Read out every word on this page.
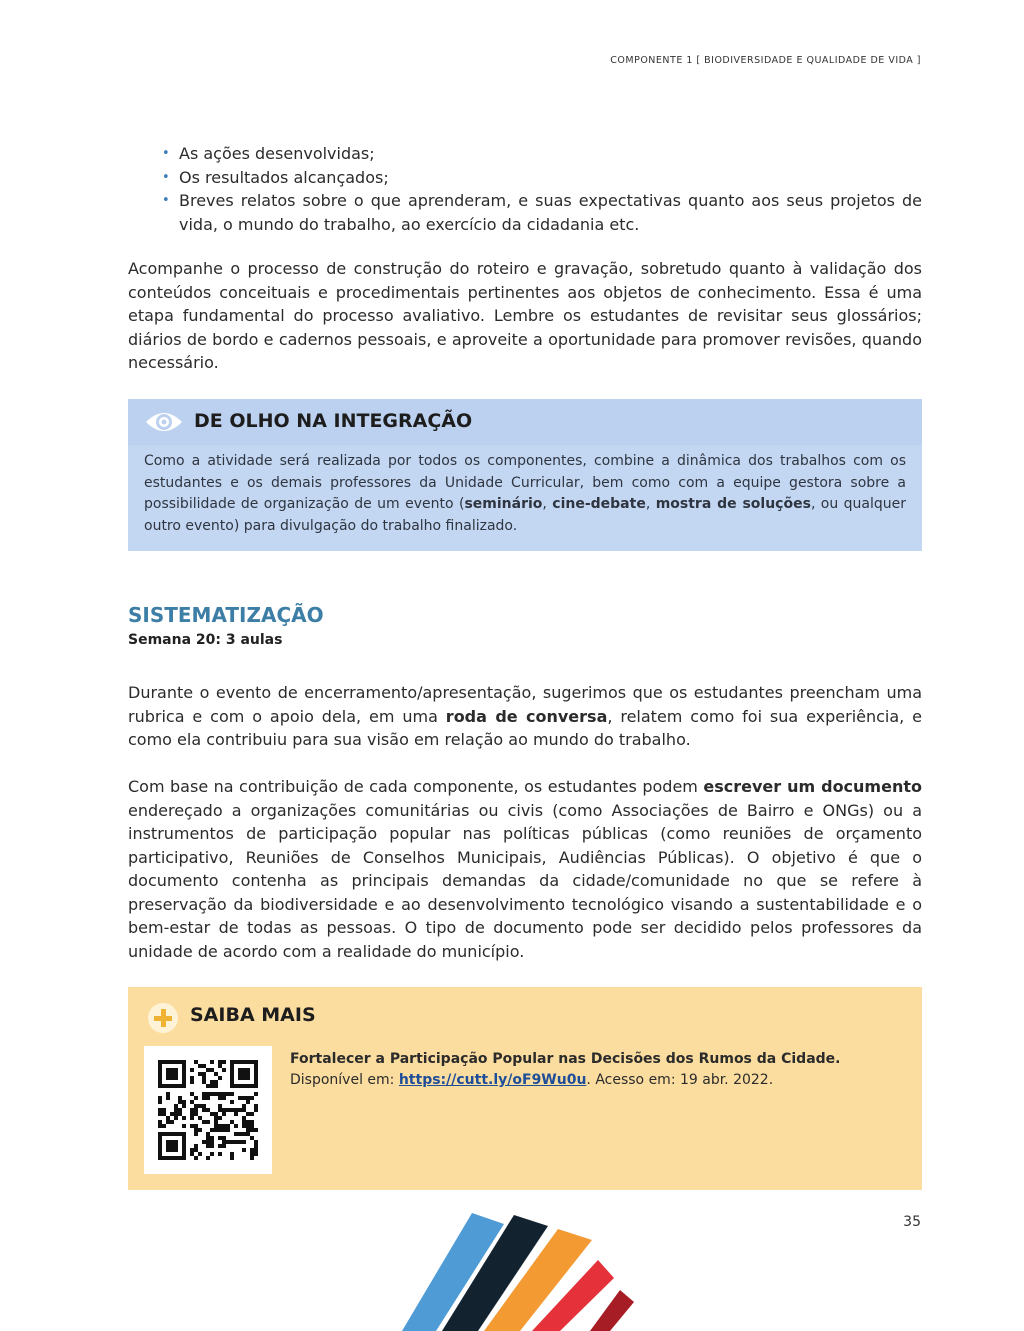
COMPONENTE 1 [ BIODIVERSIDADE E QUALIDADE DE VIDA ]
• As ações desenvolvidas;
• Os resultados alcançados;
• Breves relatos sobre o que aprenderam, e suas expectativas quanto aos seus projetos de vida, o mundo do trabalho, ao exercício da cidadania etc.

Acompanhe o processo de construção do roteiro e gravação, sobretudo quanto à validação dos conteúdos conceituais e procedimentais pertinentes aos objetos de conhecimento. Essa é uma etapa fundamental do processo avaliativo. Lembre os estudantes de revisitar seus glossários; diários de bordo e cadernos pessoais, e aproveite a oportunidade para promover revisões, quando necessário.

DE OLHO NA INTEGRAÇÃO
Como a atividade será realizada por todos os componentes, combine a dinâmica dos trabalhos com os estudantes e os demais professores da Unidade Curricular, bem como com a equipe gestora sobre a possibilidade de organização de um evento (seminário, cine-debate, mostra de soluções, ou qualquer outro evento) para divulgação do trabalho finalizado.
SISTEMATIZAÇÃO
Semana 20: 3 aulas

Durante o evento de encerramento/apresentação, sugerimos que os estudantes preencham uma rubrica e com o apoio dela, em uma roda de conversa, relatem como foi sua experiência, e como ela contribuiu para sua visão em relação ao mundo do trabalho.

Com base na contribuição de cada componente, os estudantes podem escrever um documento endereçado a organizações comunitárias ou civis (como Associações de Bairro e ONGs) ou a instrumentos de participação popular nas políticas públicas (como reuniões de orçamento participativo, Reuniões de Conselhos Municipais, Audiências Públicas). O objetivo é que o documento contenha as principais demandas da cidade/comunidade no que se refere à preservação da biodiversidade e ao desenvolvimento tecnológico visando a sustentabilidade e o bem-estar de todas as pessoas. O tipo de documento pode ser decidido pelos professores da unidade de acordo com a realidade do município.

SAIBA MAIS
Fortalecer a Participação Popular nas Decisões dos Rumos da Cidade.
Disponível em: https://cutt.ly/oF9Wu0u. Acesso em: 19 abr. 2022.
35
